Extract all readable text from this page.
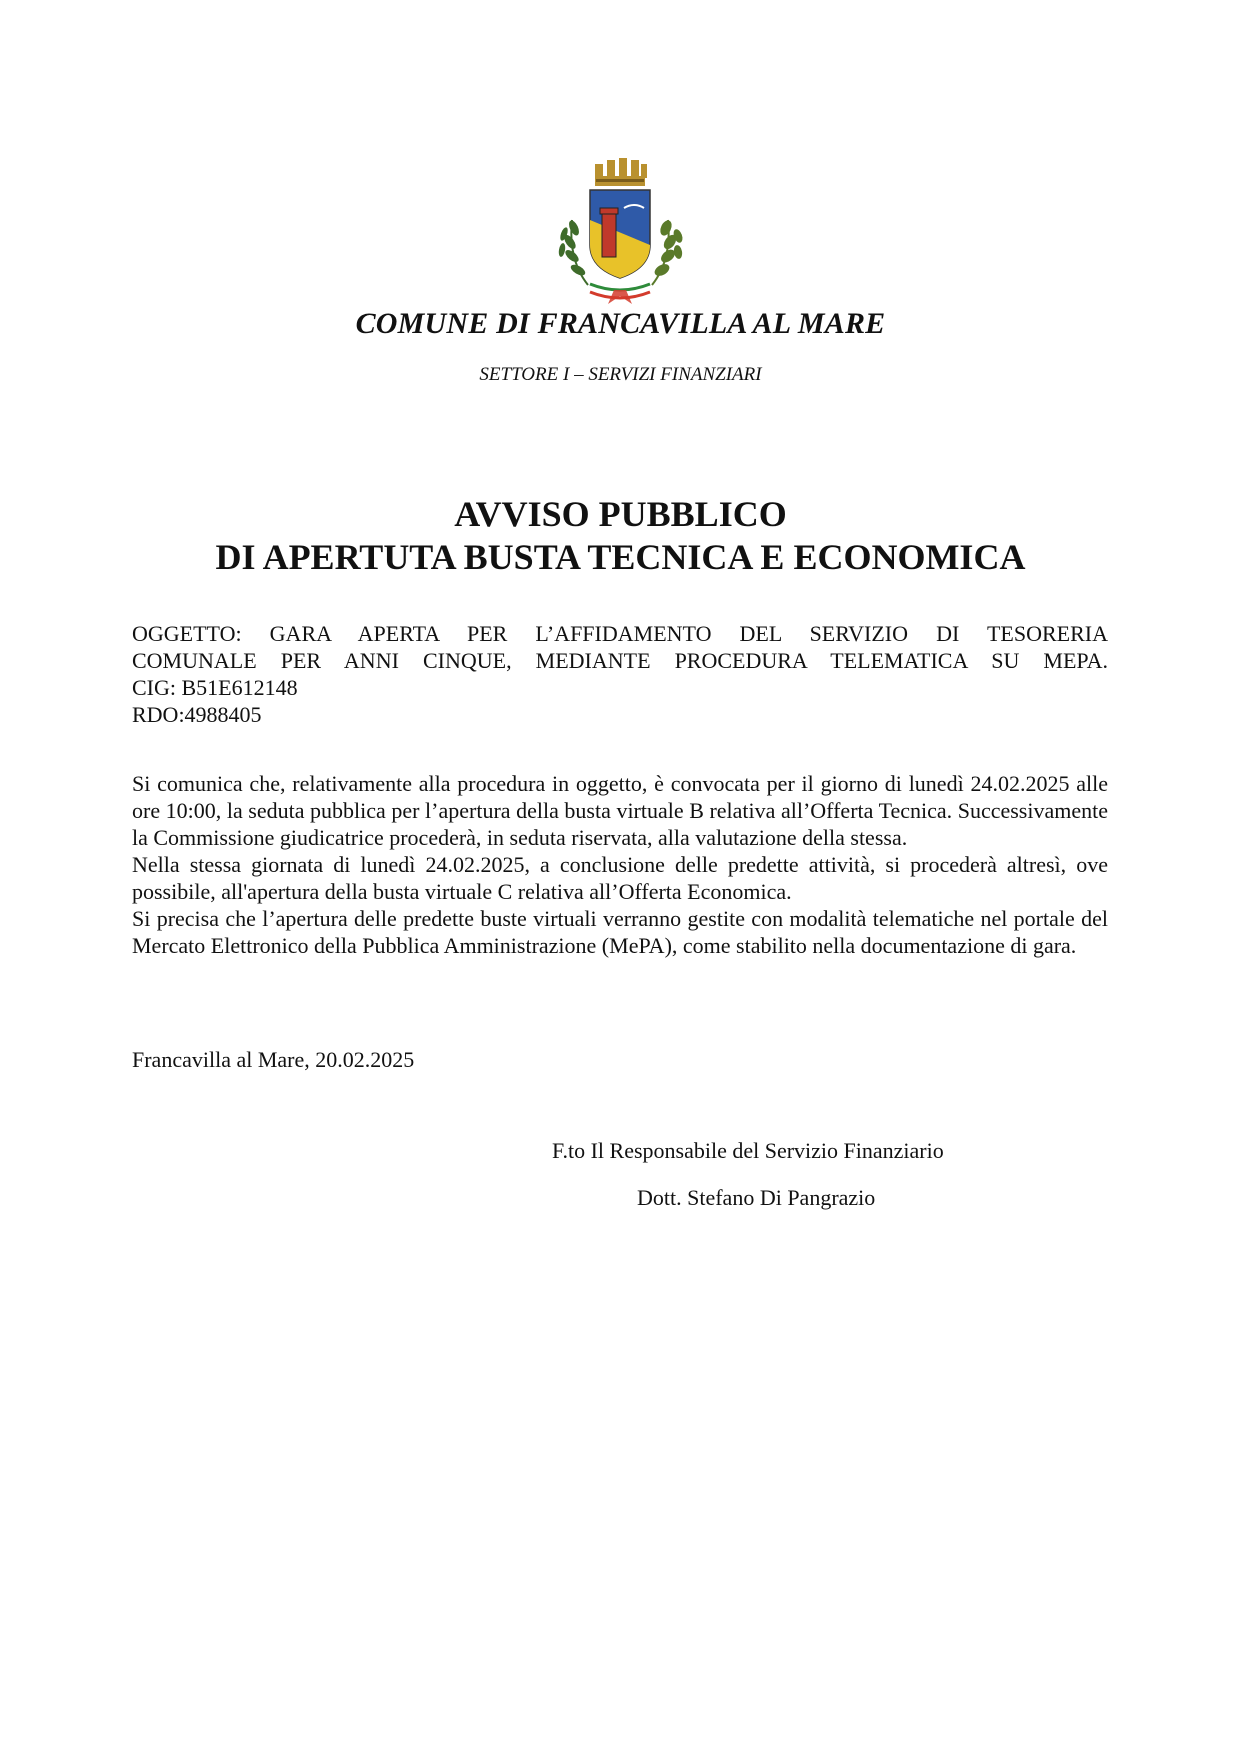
COMUNE DI FRANCAVILLA AL MARE
SETTORE I – SERVIZI FINANZIARI
AVVISO PUBBLICO
DI APERTUTA BUSTA TECNICA E ECONOMICA
OGGETTO: GARA APERTA PER L’AFFIDAMENTO DEL SERVIZIO DI TESORERIA
COMUNALE PER ANNI CINQUE, MEDIANTE PROCEDURA TELEMATICA SU MEPA.
CIG: B51E612148
RDO:4988405

Si comunica che, relativamente alla procedura in oggetto, è convocata per il giorno di lunedì 24.02.2025 alle ore 10:00, la seduta pubblica per l’apertura della busta virtuale B relativa all’Offerta Tecnica. Successivamente la Commissione giudicatrice procederà, in seduta riservata, alla valutazione della stessa.

Nella stessa giornata di lunedì 24.02.2025, a conclusione delle predette attività, si procederà altresì, ove possibile, all'apertura della busta virtuale C relativa all’Offerta Economica.

Si precisa che l’apertura delle predette buste virtuali verranno gestite con modalità telematiche nel portale del Mercato Elettronico della Pubblica Amministrazione (MePA), come stabilito nella documentazione di gara.

Francavilla al Mare, 20.02.2025
F.to Il Responsabile del Servizio Finanziario
Dott. Stefano Di Pangrazio
